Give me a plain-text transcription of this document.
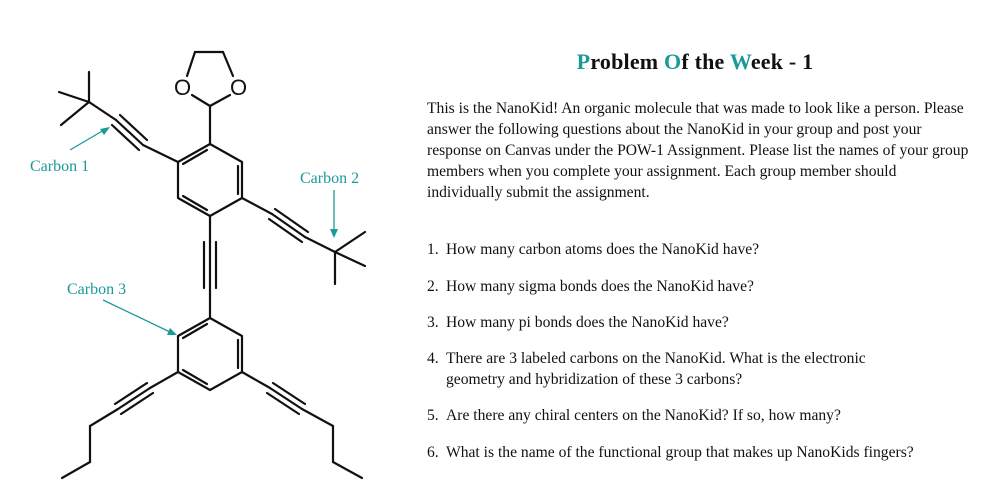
O O
Carbon 1
Carbon 2
Carbon 3
Problem Of the Week - 1

This is the NanoKid! An organic molecule that was made to look like a person. Please answer the following questions about the NanoKid in your group and post your response on Canvas under the POW-1 Assignment. Please list the names of your group members when you complete your assignment. Each group member should individually submit the assignment.

1. How many carbon atoms does the NanoKid have?
2. How many sigma bonds does the NanoKid have?
3. How many pi bonds does the NanoKid have?
4. There are 3 labeled carbons on the NanoKid. What is the electronic geometry and hybridization of these 3 carbons?
5. Are there any chiral centers on the NanoKid? If so, how many?
6. What is the name of the functional group that makes up NanoKids fingers?
